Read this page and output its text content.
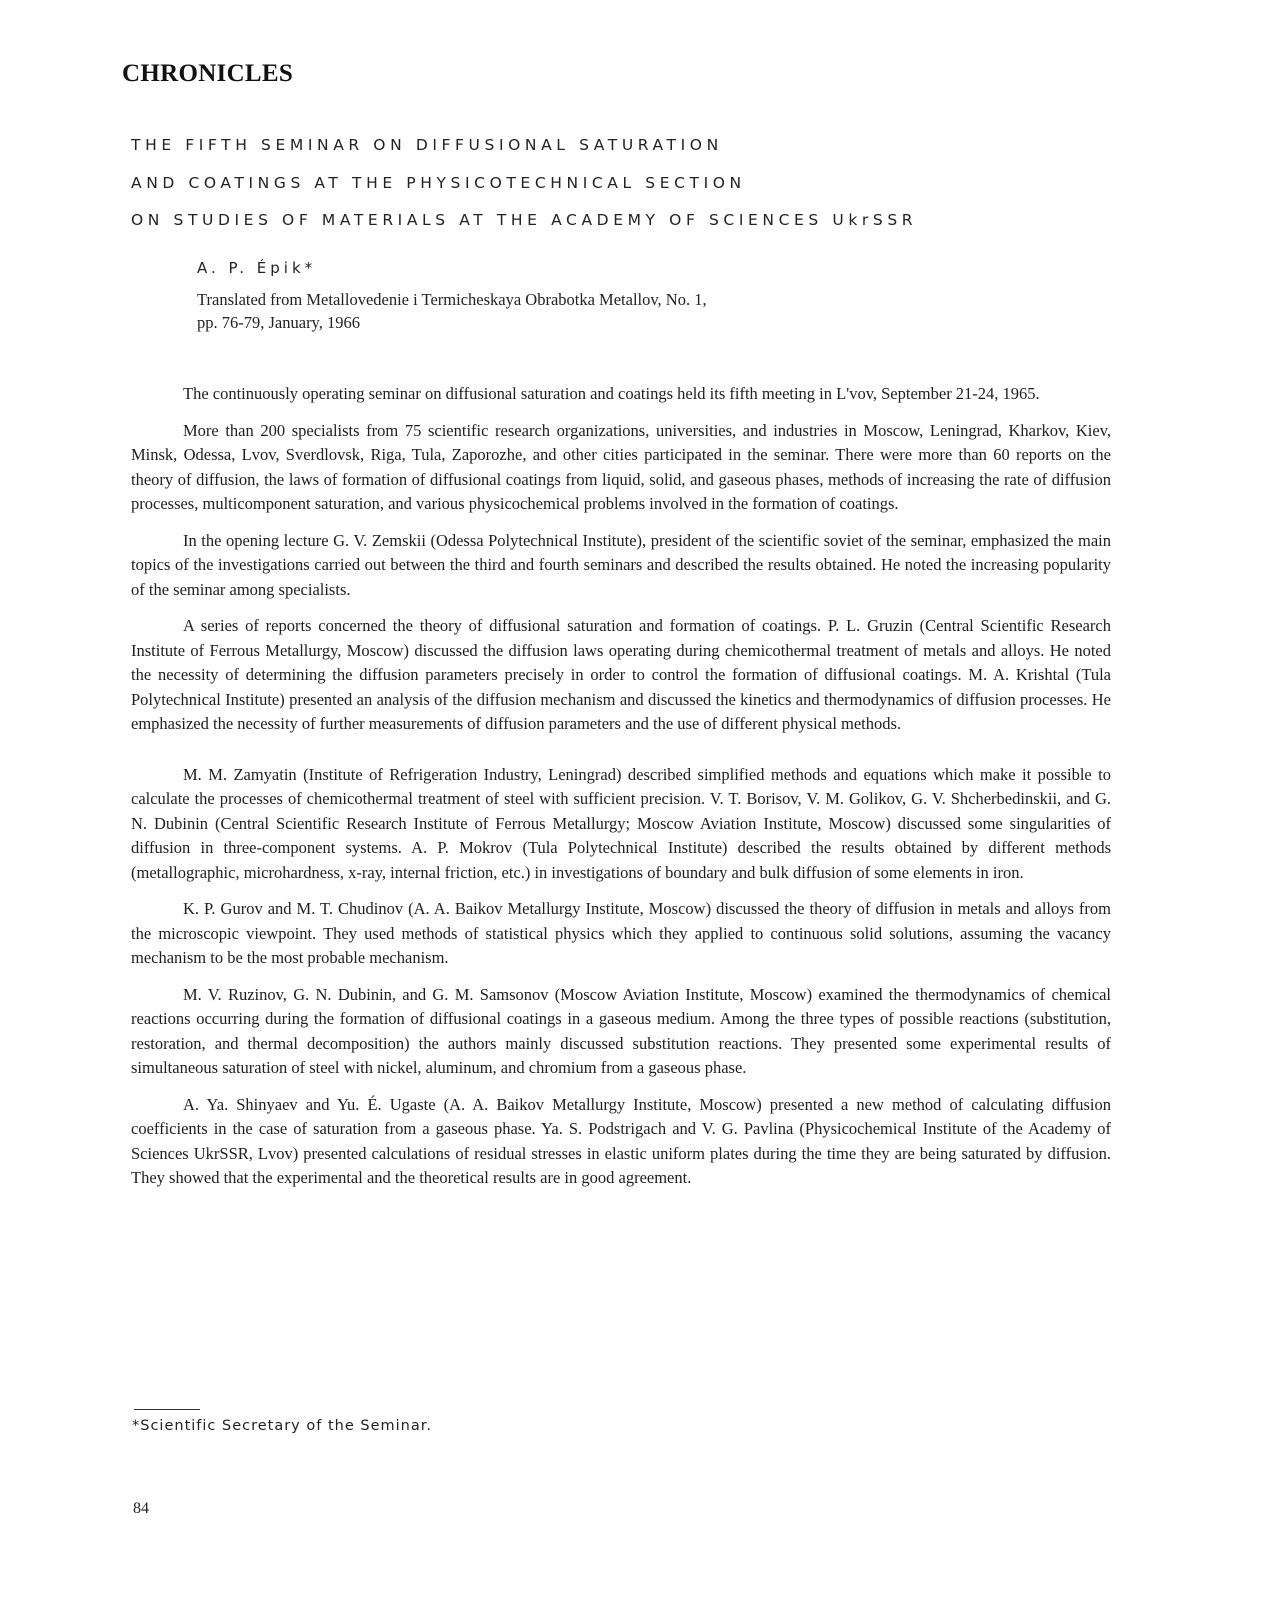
CHRONICLES
THE FIFTH SEMINAR ON DIFFUSIONAL SATURATION
AND COATINGS AT THE PHYSICOTECHNICAL SECTION
ON STUDIES OF MATERIALS AT THE ACADEMY OF SCIENCES UkrSSR
A. P. Épik*
Translated from Metallovedenie i Termicheskaya Obrabotka Metallov, No. 1,
pp. 76-79, January, 1966

The continuously operating seminar on diffusional saturation and coatings held its fifth meeting in L'vov, September 21-24, 1965.

More than 200 specialists from 75 scientific research organizations, universities, and industries in Moscow, Leningrad, Kharkov, Kiev, Minsk, Odessa, Lvov, Sverdlovsk, Riga, Tula, Zaporozhe, and other cities participated in the seminar. There were more than 60 reports on the theory of diffusion, the laws of formation of diffusional coatings from liquid, solid, and gaseous phases, methods of increasing the rate of diffusion processes, multicomponent saturation, and various physicochemical problems involved in the formation of coatings.

In the opening lecture G. V. Zemskii (Odessa Polytechnical Institute), president of the scientific soviet of the seminar, emphasized the main topics of the investigations carried out between the third and fourth seminars and described the results obtained. He noted the increasing popularity of the seminar among specialists.

A series of reports concerned the theory of diffusional saturation and formation of coatings. P. L. Gruzin (Central Scientific Research Institute of Ferrous Metallurgy, Moscow) discussed the diffusion laws operating during chemicothermal treatment of metals and alloys. He noted the necessity of determining the diffusion parameters precisely in order to control the formation of diffusional coatings. M. A. Krishtal (Tula Polytechnical Institute) presented an analysis of the diffusion mechanism and discussed the kinetics and thermodynamics of diffusion processes. He emphasized the necessity of further measurements of diffusion parameters and the use of different physical methods.

M. M. Zamyatin (Institute of Refrigeration Industry, Leningrad) described simplified methods and equations which make it possible to calculate the processes of chemicothermal treatment of steel with sufficient precision. V. T. Borisov, V. M. Golikov, G. V. Shcherbedinskii, and G. N. Dubinin (Central Scientific Research Institute of Ferrous Metallurgy; Moscow Aviation Institute, Moscow) discussed some singularities of diffusion in three-component systems. A. P. Mokrov (Tula Polytechnical Institute) described the results obtained by different methods (metallographic, microhardness, x-ray, internal friction, etc.) in investigations of boundary and bulk diffusion of some elements in iron.

K. P. Gurov and M. T. Chudinov (A. A. Baikov Metallurgy Institute, Moscow) discussed the theory of diffusion in metals and alloys from the microscopic viewpoint. They used methods of statistical physics which they applied to continuous solid solutions, assuming the vacancy mechanism to be the most probable mechanism.

M. V. Ruzinov, G. N. Dubinin, and G. M. Samsonov (Moscow Aviation Institute, Moscow) examined the thermodynamics of chemical reactions occurring during the formation of diffusional coatings in a gaseous medium. Among the three types of possible reactions (substitution, restoration, and thermal decomposition) the authors mainly discussed substitution reactions. They presented some experimental results of simultaneous saturation of steel with nickel, aluminum, and chromium from a gaseous phase.

A. Ya. Shinyaev and Yu. É. Ugaste (A. A. Baikov Metallurgy Institute, Moscow) presented a new method of calculating diffusion coefficients in the case of saturation from a gaseous phase. Ya. S. Podstrigach and V. G. Pavlina (Physicochemical Institute of the Academy of Sciences UkrSSR, Lvov) presented calculations of residual stresses in elastic uniform plates during the time they are being saturated by diffusion. They showed that the experimental and the theoretical results are in good agreement.

*Scientific Secretary of the Seminar.
84
